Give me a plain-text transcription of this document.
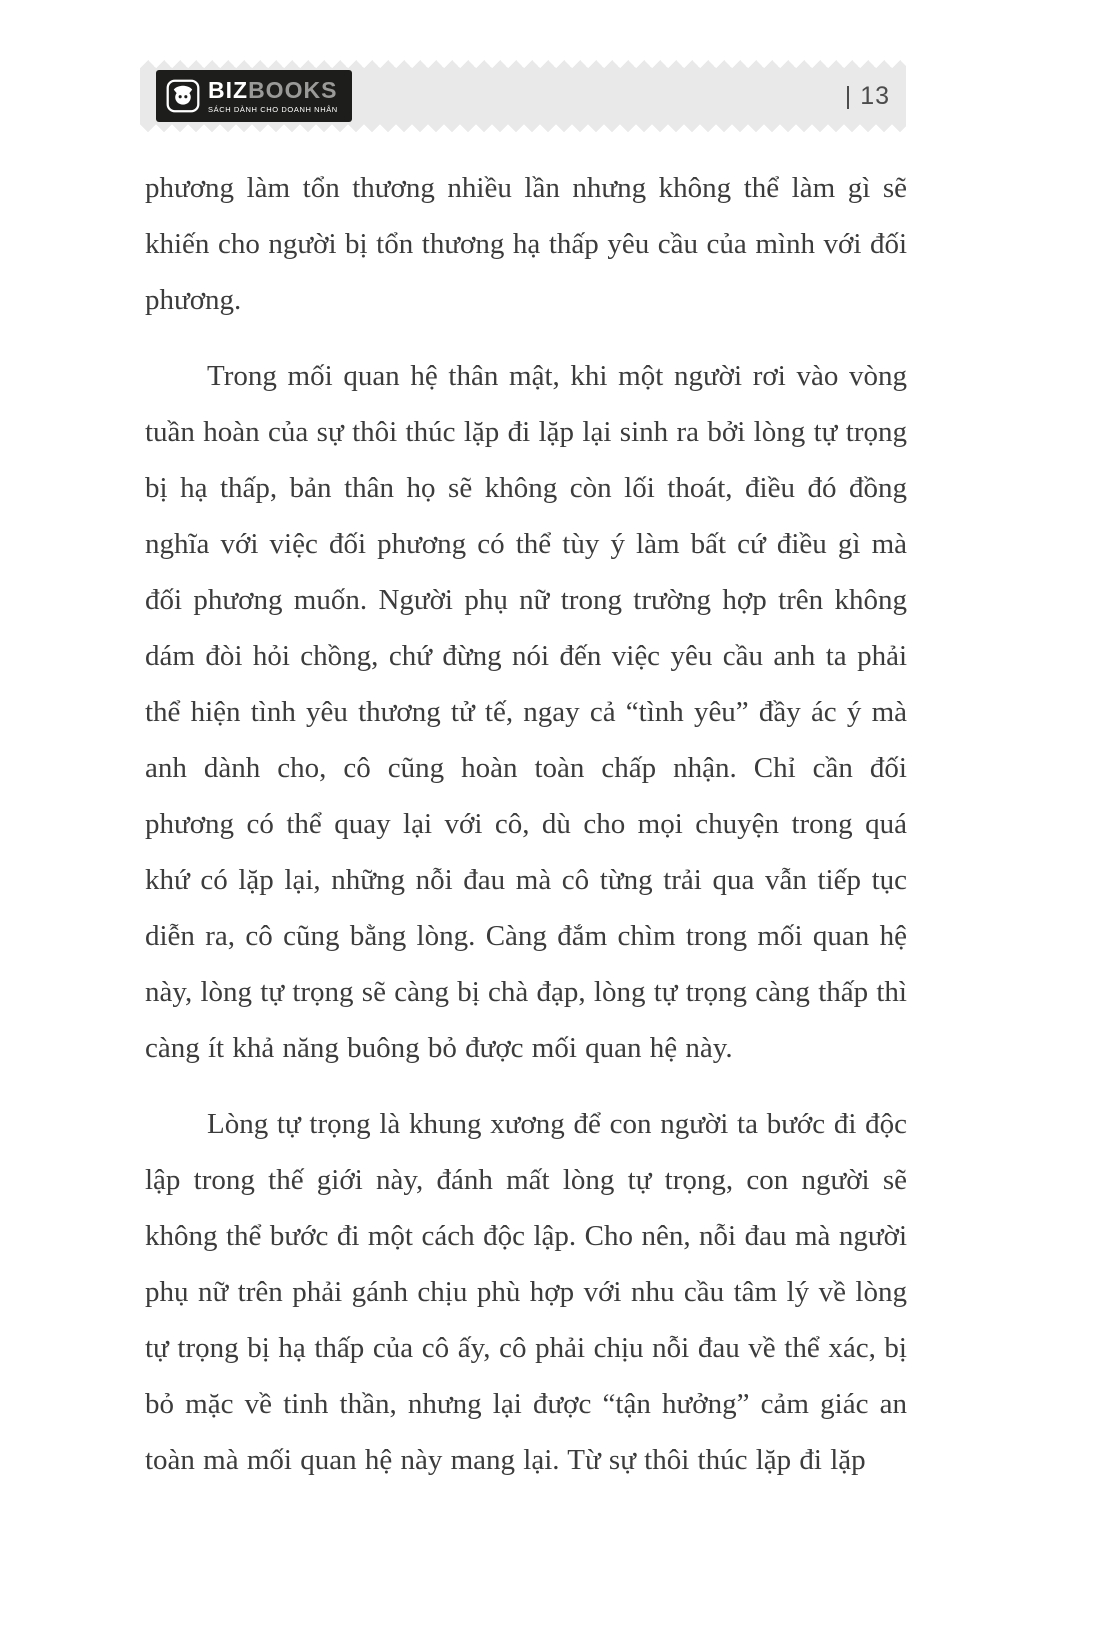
BIZBOOKS
SÁCH DÀNH CHO DOANH NHÂN	| 13

phương làm tổn thương nhiều lần nhưng không thể làm gì sẽ khiến cho người bị tổn thương hạ thấp yêu cầu của mình với đối phương.

Trong mối quan hệ thân mật, khi một người rơi vào vòng tuần hoàn của sự thôi thúc lặp đi lặp lại sinh ra bởi lòng tự trọng bị hạ thấp, bản thân họ sẽ không còn lối thoát, điều đó đồng nghĩa với việc đối phương có thể tùy ý làm bất cứ điều gì mà đối phương muốn. Người phụ nữ trong trường hợp trên không dám đòi hỏi chồng, chứ đừng nói đến việc yêu cầu anh ta phải thể hiện tình yêu thương tử tế, ngay cả “tình yêu” đầy ác ý mà anh dành cho, cô cũng hoàn toàn chấp nhận. Chỉ cần đối phương có thể quay lại với cô, dù cho mọi chuyện trong quá khứ có lặp lại, những nỗi đau mà cô từng trải qua vẫn tiếp tục diễn ra, cô cũng bằng lòng. Càng đắm chìm trong mối quan hệ này, lòng tự trọng sẽ càng bị chà đạp, lòng tự trọng càng thấp thì càng ít khả năng buông bỏ được mối quan hệ này.

Lòng tự trọng là khung xương để con người ta bước đi độc lập trong thế giới này, đánh mất lòng tự trọng, con người sẽ không thể bước đi một cách độc lập. Cho nên, nỗi đau mà người phụ nữ trên phải gánh chịu phù hợp với nhu cầu tâm lý về lòng tự trọng bị hạ thấp của cô ấy, cô phải chịu nỗi đau về thể xác, bị bỏ mặc về tinh thần, nhưng lại được “tận hưởng” cảm giác an toàn mà mối quan hệ này mang lại. Từ sự thôi thúc lặp đi lặp
